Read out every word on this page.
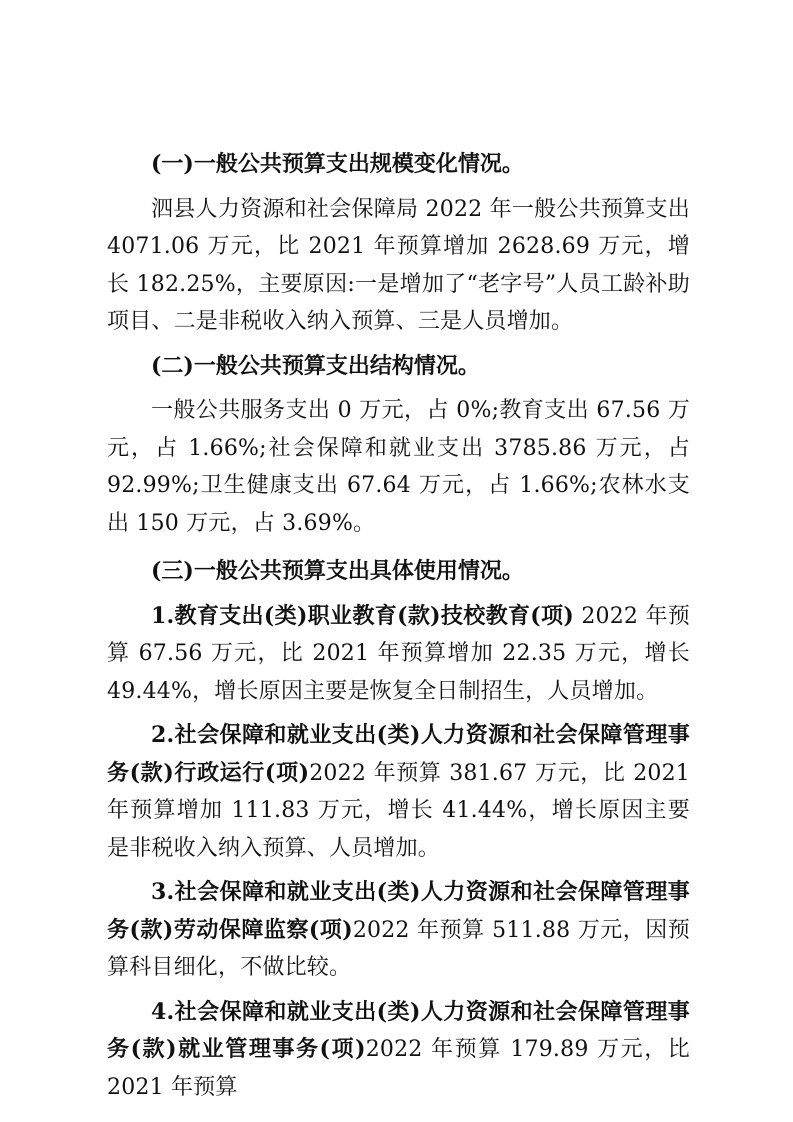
(一)一般公共预算支出规模变化情况。

泗县人力资源和社会保障局 2022 年一般公共预算支出 4071.06 万元，比 2021 年预算增加 2628.69 万元，增长 182.25%，主要原因:一是增加了“老字号”人员工龄补助项目、二是非税收入纳入预算、三是人员增加。

(二)一般公共预算支出结构情况。

一般公共服务支出 0 万元，占 0%;教育支出 67.56 万元，占 1.66%;社会保障和就业支出 3785.86 万元，占 92.99%;卫生健康支出 67.64 万元，占 1.66%;农林水支出 150 万元，占 3.69%。

(三)一般公共预算支出具体使用情况。

1.教育支出(类)职业教育(款)技校教育(项) 2022 年预算 67.56 万元，比 2021 年预算增加 22.35 万元，增长 49.44%，增长原因主要是恢复全日制招生，人员增加。

2.社会保障和就业支出(类)人力资源和社会保障管理事务(款)行政运行(项)2022 年预算 381.67 万元，比 2021 年预算增加 111.83 万元，增长 41.44%，增长原因主要是非税收入纳入预算、人员增加。

3.社会保障和就业支出(类)人力资源和社会保障管理事务(款)劳动保障监察(项)2022 年预算 511.88 万元，因预算科目细化，不做比较。

4.社会保障和就业支出(类)人力资源和社会保障管理事务(款)就业管理事务(项)2022 年预算 179.89 万元，比 2021 年预算
